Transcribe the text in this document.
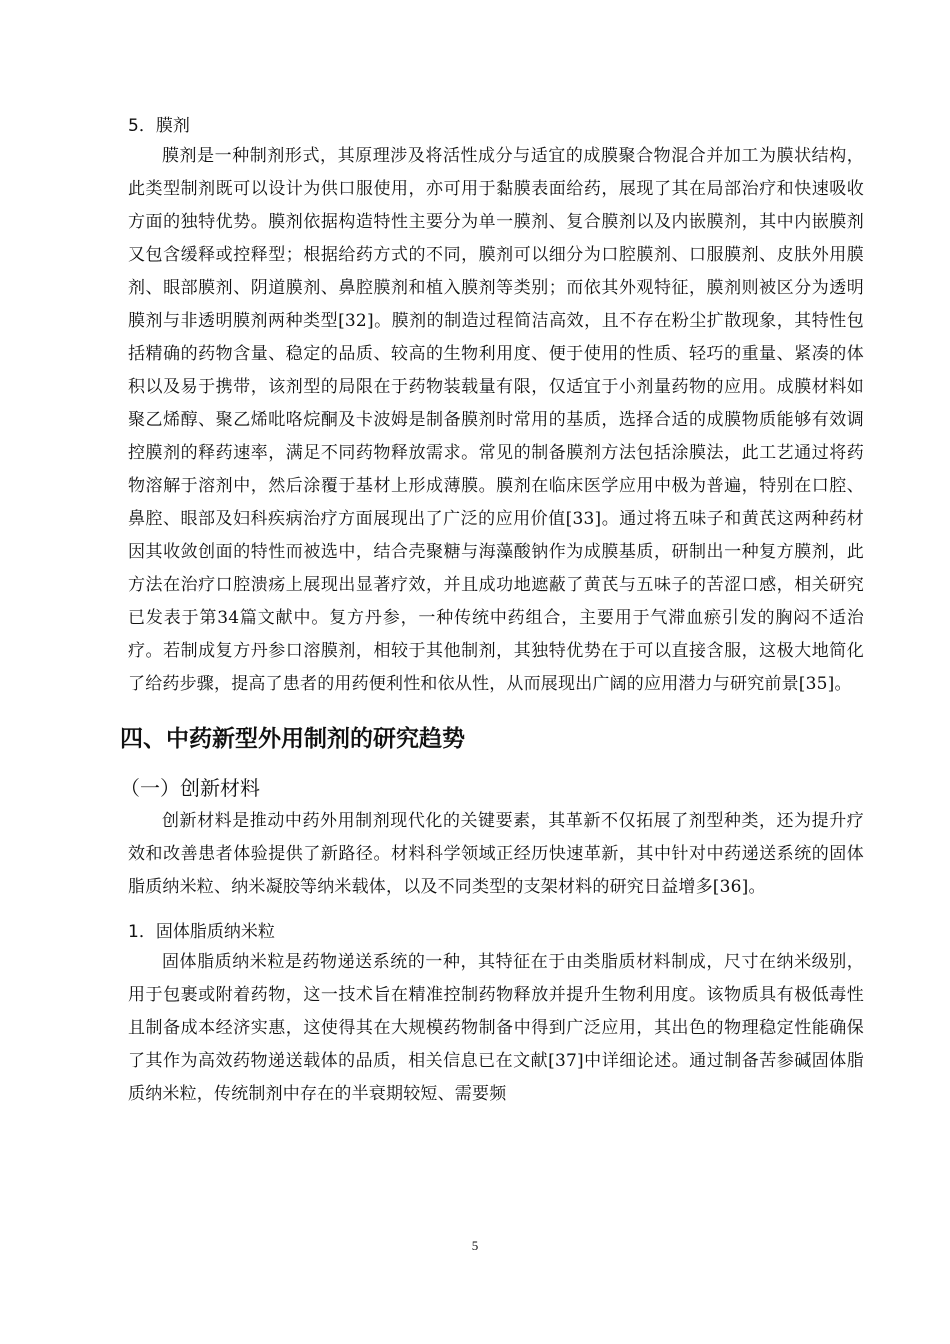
5．膜剂

膜剂是一种制剂形式，其原理涉及将活性成分与适宜的成膜聚合物混合并加工为膜状结构，此类型制剂既可以设计为供口服使用，亦可用于黏膜表面给药，展现了其在局部治疗和快速吸收方面的独特优势。膜剂依据构造特性主要分为单一膜剂、复合膜剂以及内嵌膜剂，其中内嵌膜剂又包含缓释或控释型；根据给药方式的不同，膜剂可以细分为口腔膜剂、口服膜剂、皮肤外用膜剂、眼部膜剂、阴道膜剂、鼻腔膜剂和植入膜剂等类别；而依其外观特征，膜剂则被区分为透明膜剂与非透明膜剂两种类型[32]。膜剂的制造过程简洁高效，且不存在粉尘扩散现象，其特性包括精确的药物含量、稳定的品质、较高的生物利用度、便于使用的性质、轻巧的重量、紧凑的体积以及易于携带，该剂型的局限在于药物装载量有限，仅适宜于小剂量药物的应用。成膜材料如聚乙烯醇、聚乙烯吡咯烷酮及卡波姆是制备膜剂时常用的基质，选择合适的成膜物质能够有效调控膜剂的释药速率，满足不同药物释放需求。常见的制备膜剂方法包括涂膜法，此工艺通过将药物溶解于溶剂中，然后涂覆于基材上形成薄膜。膜剂在临床医学应用中极为普遍，特别在口腔、鼻腔、眼部及妇科疾病治疗方面展现出了广泛的应用价值[33]。通过将五味子和黄芪这两种药材因其收敛创面的特性而被选中，结合壳聚糖与海藻酸钠作为成膜基质，研制出一种复方膜剂，此方法在治疗口腔溃疡上展现出显著疗效，并且成功地遮蔽了黄芪与五味子的苦涩口感，相关研究已发表于第34篇文献中。复方丹参，一种传统中药组合，主要用于气滞血瘀引发的胸闷不适治疗。若制成复方丹参口溶膜剂，相较于其他制剂，其独特优势在于可以直接含服，这极大地简化了给药步骤，提高了患者的用药便利性和依从性，从而展现出广阔的应用潜力与研究前景[35]。

四、中药新型外用制剂的研究趋势
（一）创新材料

创新材料是推动中药外用制剂现代化的关键要素，其革新不仅拓展了剂型种类，还为提升疗效和改善患者体验提供了新路径。材料科学领域正经历快速革新，其中针对中药递送系统的固体脂质纳米粒、纳米凝胶等纳米载体，以及不同类型的支架材料的研究日益增多[36]。

1．固体脂质纳米粒

固体脂质纳米粒是药物递送系统的一种，其特征在于由类脂质材料制成，尺寸在纳米级别，用于包裹或附着药物，这一技术旨在精准控制药物释放并提升生物利用度。该物质具有极低毒性且制备成本经济实惠，这使得其在大规模药物制备中得到广泛应用，其出色的物理稳定性能确保了其作为高效药物递送载体的品质，相关信息已在文献[37]中详细论述。通过制备苦参碱固体脂质纳米粒，传统制剂中存在的半衰期较短、需要频

5
